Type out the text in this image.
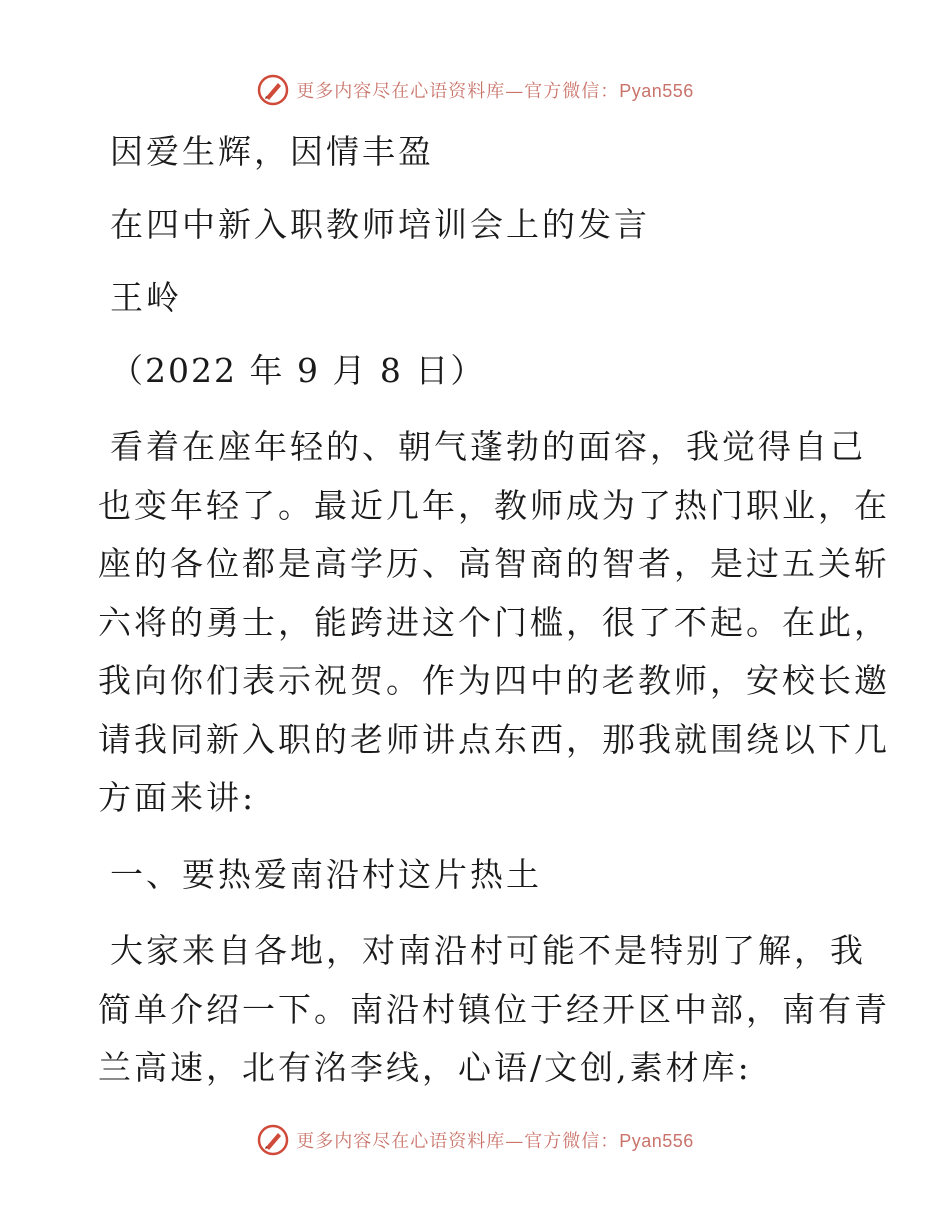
更多内容尽在心语资料库—官方微信：Pyan556
因爱生辉，因情丰盈
在四中新入职教师培训会上的发言
王岭
（2022 年 9 月 8 日）
看着在座年轻的、朝气蓬勃的面容，我觉得自己
也变年轻了。最近几年，教师成为了热门职业，在
座的各位都是高学历、高智商的智者，是过五关斩
六将的勇士，能跨进这个门槛，很了不起。在此，
我向你们表示祝贺。作为四中的老教师，安校长邀
请我同新入职的老师讲点东西，那我就围绕以下几
方面来讲:
一、要热爱南沿村这片热土
大家来自各地，对南沿村可能不是特别了解，我
简单介绍一下。南沿村镇位于经开区中部，南有青
兰高速，北有洺李线，心语/文创,素材库:
更多内容尽在心语资料库—官方微信：Pyan556
